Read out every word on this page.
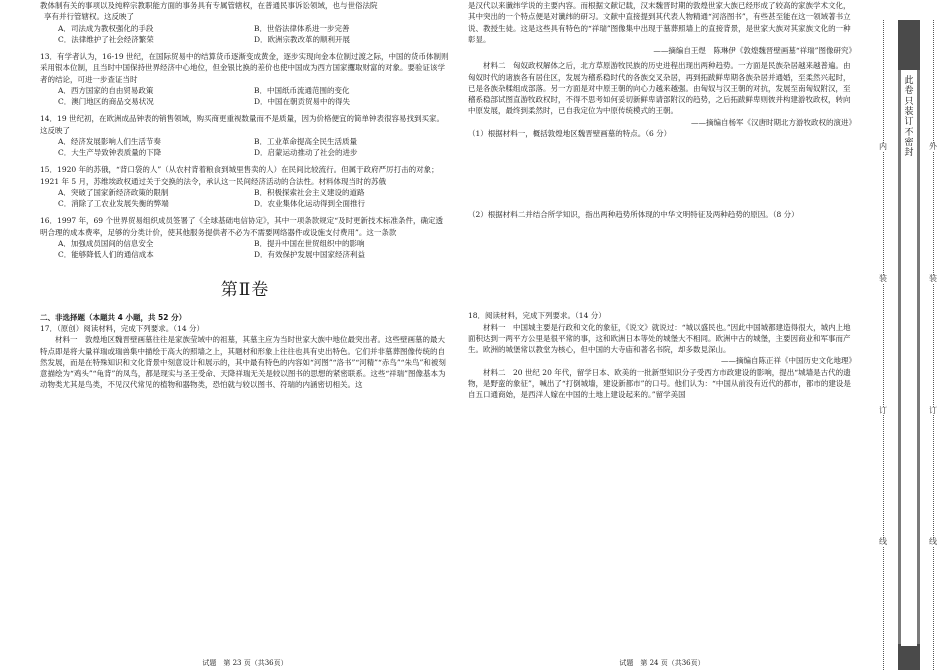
教体制有关的事项以及纯粹宗教职能方面的事务具有专属管辖权，在普通民事诉讼领域，也与世俗法院

享有并行管辖权。这反映了

A．司法成为教权强化的手段	B．世俗法律体系进一步完善
C．法律维护了社会经济繁荣	D．欧洲宗教改革的顺利开展

13．有学者认为，16-19 世纪，在国际贸易中的结算货币逐渐变成黄金，逐步实现向金本位制过渡之际，中国的货币体制则采用银本位制，且当时中国保持世界经济中心地位，但金银比换的差价也使中国成为西方国家攫取财富的对象。要验证该学者的结论，可进一步查证当时

A．西方国家的自由贸易政策	B．中国纸币流通范围的变化
C．澳门地区的商品交易状况	D．中国在朝贡贸易中的得失

14．19 世纪初，在欧洲成品钟表的销售领域，购买商更重视数量而不是质量，因为价格便宜的简单钟表很容易找到买家。这反映了

A．经济发展影响人们生活节奏	B．工业革命提高全民生活质量
C．大生产导致钟表质量的下降	D．启蒙运动推动了社会的进步

15．1920 年的苏俄，“背口袋的人”（从农村背着粮食到城里售卖的人）在民间比较流行。但属于政府严厉打击的对象；1921 年 5 月，苏维埃政权通过关于交换的法令，承认这一民间经济活动的合法性。材料体现当时的苏俄

A．突破了国家新经济政策的限制	B．积极探索社会主义建设的道路
C．消除了工农业发展失衡的弊端	D．农业集体化运动得到全面推行

16．1997 年，69 个世界贸易组织成员签署了《全球基础电信协定》，其中一项条款规定“及时更新技术标准条件，确定透明合理的成本费率，足够的分类计价，使其他服务提供者不必为不需要网络器件或设施支付费用”。这一条款

A．加强成员国间的信息安全	B．提升中国在世贸组织中的影响
C．能够降低人们的通信成本	D．有效保护发展中国家经济利益
第Ⅱ卷

二、非选择题（本题共 4 小题，共 52 分）

17．（原创）阅读材料，完成下列要求。（14 分）

材料一　敦煌地区魏晋壁画墓往往是家族莹域中的祖墓，其墓主应为当时世家大族中地位最突出者。这些壁画墓的最大特点即是将大量祥瑞或瑞兽集中描绘于高大的照墙之上，其题材和形象上往往也具有史出特色。它们并非墓葬图像传统的自然发展，而是在特殊知识和文化背景中刻意设计和展示的，其中最有特色的内容如“河图”“洛书”“河精”“赤鸟”“朱鸟”和被刻意描绘为“鸡头”“龟背”的凤鸟，都是现实与圣王受命、天降祥瑞无关是较以图书的思想的紧密联系。这些“祥瑞”图像基本为动物类尤其是鸟类，不见汉代常见的植物和器物类，恐怕就与较以图书、符瑞的内涵密切相关。这

试题　第 23 页（共36页）

是汉代以来谶纬学说的主要内容。而根据文献记载，汉末魏晋时期的敦煌世家大族已经形成了较高的家族学术文化，其中突出的一个特点便是对谶纬的研习。文献中直接提到其代表人物精通“河洛图书”，有些甚至能在这一领域著书立说、教授生徒。这是这些具有特色的“祥瑞”图像集中出现于墓葬照墙上的直接背景，是世家大族对其家族文化的一种彰显。

——摘编自王煜　陈琳伊《敦煌魏晋壁画墓“祥瑞”图像研究》

材料二　匈奴政权解体之后，北方草原游牧民族的历史进程出现出两种趋势。一方面是民族杂居越来越普遍。由匈奴时代的诸族各有居住区，发展为稽系稳时代的各族交叉杂居，再到拓跋鲜卑期各族杂居并通婚，至柔然兴起时，已是各族杂糅组成部落。另一方面是对中原王朝的向心力越来越强。由匈奴与汉王朝的对抗，发展至南匈奴附汉，至稽系稳部试图直游牧政权时，不得不思考如何妥切新鲜卑请部附汉的趋势，之后拓跋鲜卑则彼并构建游牧政权，转向中原发展，最终到柔然时，已自我定位为中原传统模式的王朝。

——摘编自杨军《汉唐时期北方游牧政权的演进》

（1）根据材料一，概括敦煌地区魏晋壁画墓的特点。（6 分）

（2）根据材料二并结合所学知识，指出两种趋势所体现的中华文明特征及两种趋势的原因。（8 分）

18．阅读材料，完成下列要求。（14 分）

材料一　中国城主要是行政和文化的象征，《说文》就说过：“城以盛民也。”因此中国城都建造得很大，城内上地面积达到一两平方公里是很平常的事，这和欧洲日本等处的城堡大不相同。欧洲中古的城堡，主要因商业和军事而产生。欧洲的城堡常以教堂为核心，但中国的大寺庙和著名书院，却多数見深山。

——摘编自陈正祥《中国历史文化地理》

材料二　20 世纪 20 年代，留学日本、欧美的一批新型知识分子受西方市政建设的影响，提出“城墙是古代的遗物，是野蛮的象征”，喊出了“打倒城墙，建设新都市”的口号。他们认为：“中国从前没有近代的都市，都市的建设是自五口通商始，是西洋人嫁在中国的土地上建设起来的。”留学美国

试题　第 24 页（共36页）
内
装
订
线
此卷只装订不密封
外
装
订
线
